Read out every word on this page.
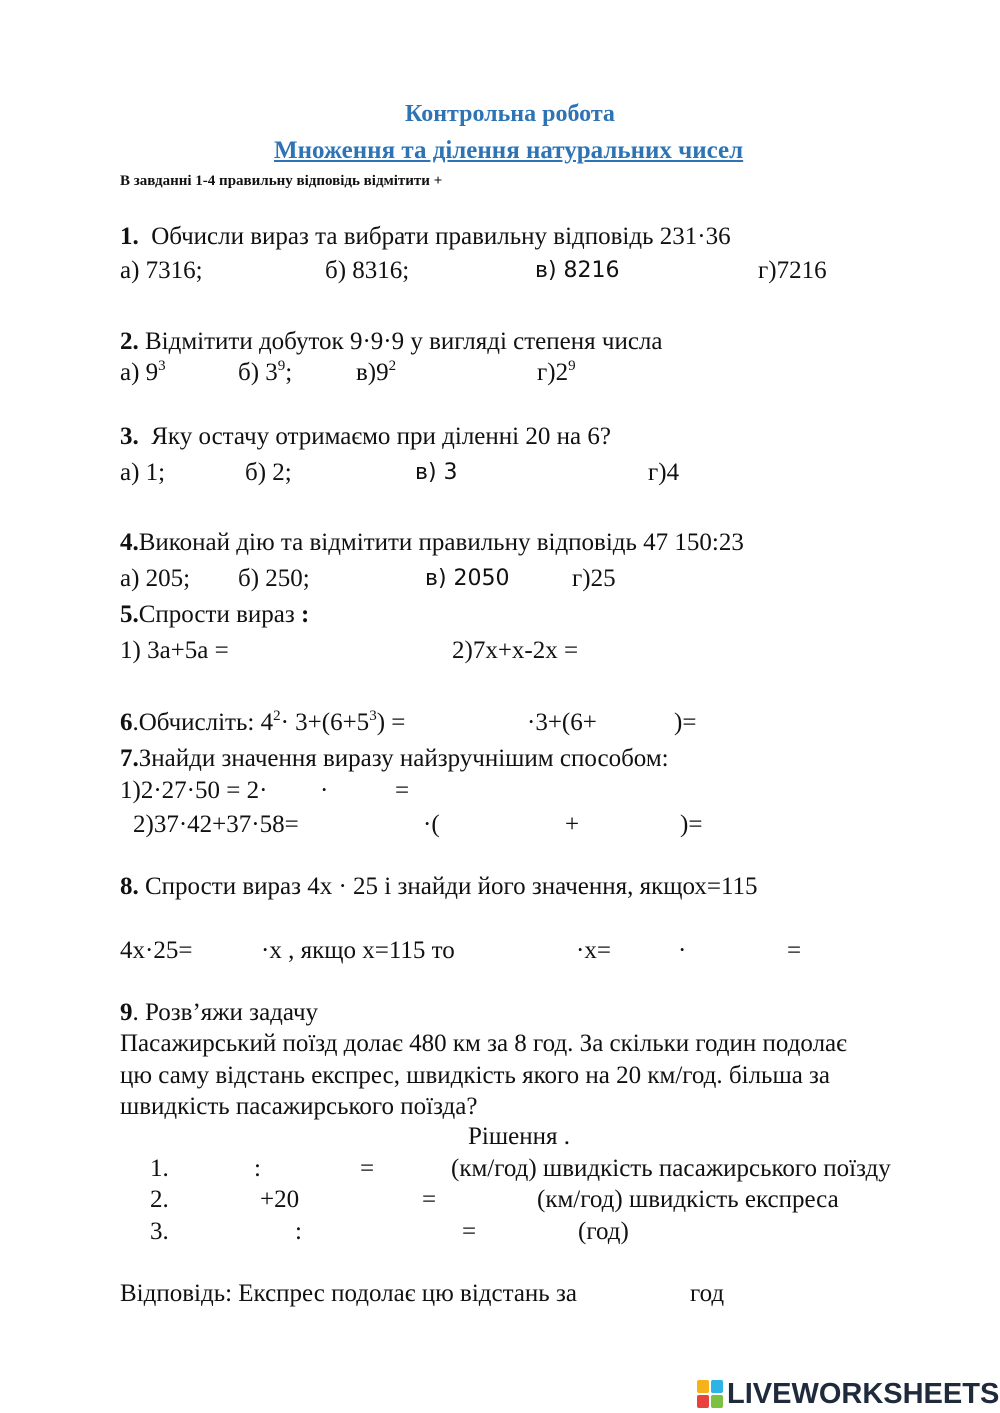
Контрольна робота
Множення та ділення натуральних чисел
В завданні 1-4 правильну відповідь відмітити +
1. Обчисли вираз та вибрати правильну відповідь 231·36
а) 7316;	б) 8316;	в) 8216	г)7216
2. Відмітити добуток 9·9·9 у вигляді степеня числа
а) $9^3$	б) $3^9$;	$в)9^2$	$г)2^9$
3. Яку остачу отримаємо при діленні 20 на 6?
а) 1;	б) 2;	в) 3	г)4
4.Виконай дію та відмітити правильну відповідь 47 150:23
а) 205; б) 250;	в) 2050 г)25
5.Спрости вираз :
1) 3а+5а =	2)7х+х-2х =
6.Обчисліть: $4^2\cdot 3+(6+5^3)$ =	·3+(6+	)=
7.Знайди значення виразу найзручнішим способом:
1)2·27·50 = 2· ·	=
2)37·42+37·58=	·(	+	)=
8. Спрости вираз 4х · 25 і знайди його значення, якщох=115
4х·25=	·х , якщо х=115 то	·х=	·	=
9. Розв’яжи задачу
Пасажирський поїзд долає 480 км за 8 год. За скільки годин подолає
цю саму відстань експрес, швидкість якого на 20 км/год. більша за
швидкість пасажирського поїзда?
Рішення .
1.	:	=	(км/год) швидкість пасажирського поїзду
2.	+20	=	(км/год) швидкість експреса
3.	:	=	(год)
Відповідь: Експрес подолає цю відстань за	год
LIVEWORKSHEETS
